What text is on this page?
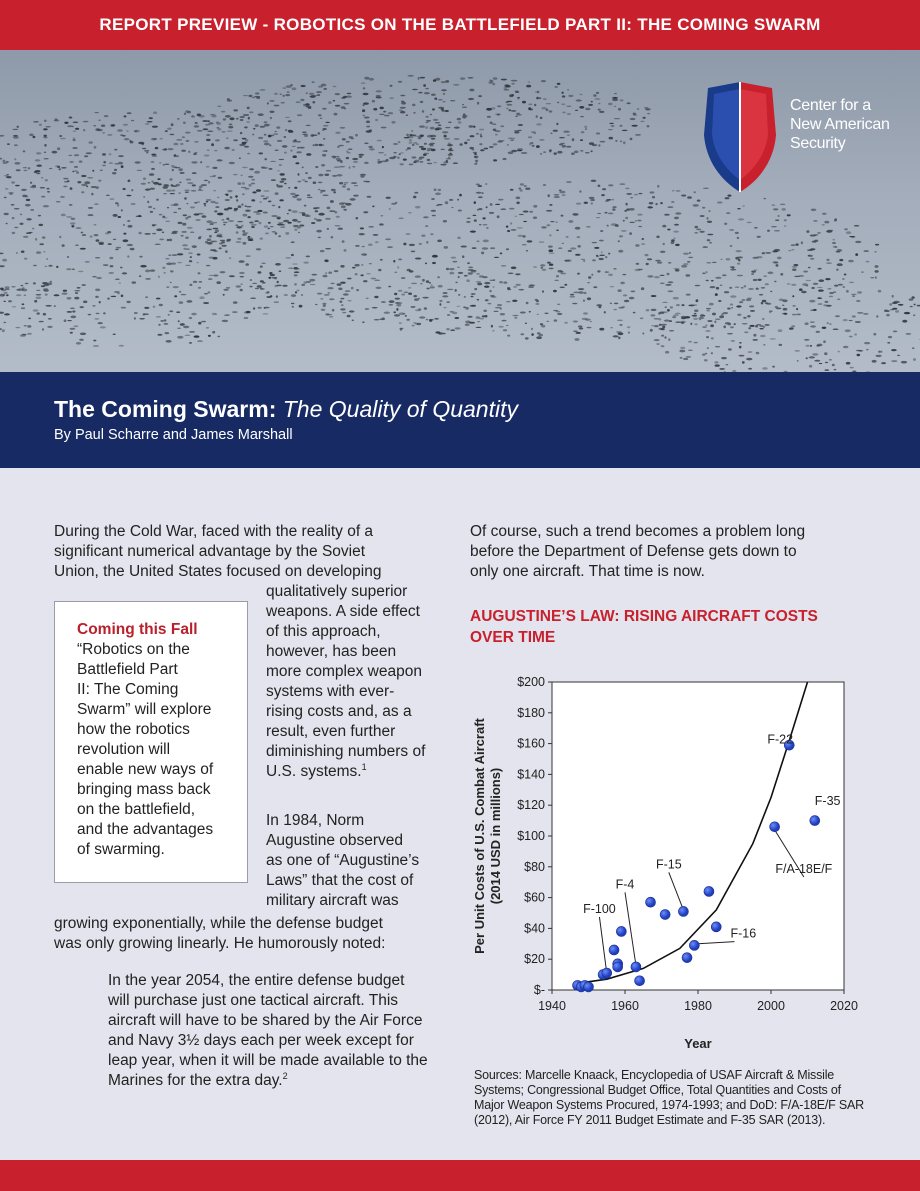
REPORT PREVIEW - ROBOTICS ON THE BATTLEFIELD PART II: THE COMING SWARM
Center for a
New American
Security
The Coming Swarm: The Quality of Quantity
By Paul Scharre and James Marshall
During the Cold War, faced with the reality of a
significant numerical advantage by the Soviet
Union, the United States focused on developing
qualitatively superior
weapons. A side effect
of this approach,
however, has been
more complex weapon
systems with ever-
rising costs and, as a
result, even further
diminishing numbers of
U.S. systems.$^1$
In 1984, Norm
Augustine observed
as one of “Augustine’s
Laws” that the cost of
military aircraft was
growing exponentially, while the defense budget
was only growing linearly. He humorously noted:
Coming this Fall
“Robotics on the
Battlefield Part
II: The Coming
Swarm” will explore
how the robotics
revolution will
enable new ways of
bringing mass back
on the battlefield,
and the advantages
of swarming.
In the year 2054, the entire defense budget
will purchase just one tactical aircraft. This
aircraft will have to be shared by the Air Force
and Navy 3½ days each per week except for
leap year, when it will be made available to the
Marines for the extra day.$^2$
Of course, such a trend becomes a problem long
before the Department of Defense gets down to
only one aircraft. That time is now.
AUGUSTINE’S LAW: RISING AIRCRAFT COSTS
OVER TIME
$-
$20
$40
$60
$80
$100
$120
$140
$160
$180
$200
1940	1960	1980	2000	2020
Year
Per Unit Costs of U.S. Combat Aircraft (2014 USD in millions)
F-22
F-35
F/A-18E/F
F-15
F-4
F-100
F-16
Sources: Marcelle Knaack, Encyclopedia of USAF Aircraft & Missile
Systems; Congressional Budget Office, Total Quantities and Costs of
Major Weapon Systems Procured, 1974-1993; and DoD: F/A-18E/F SAR
(2012), Air Force FY 2011 Budget Estimate and F-35 SAR (2013).
